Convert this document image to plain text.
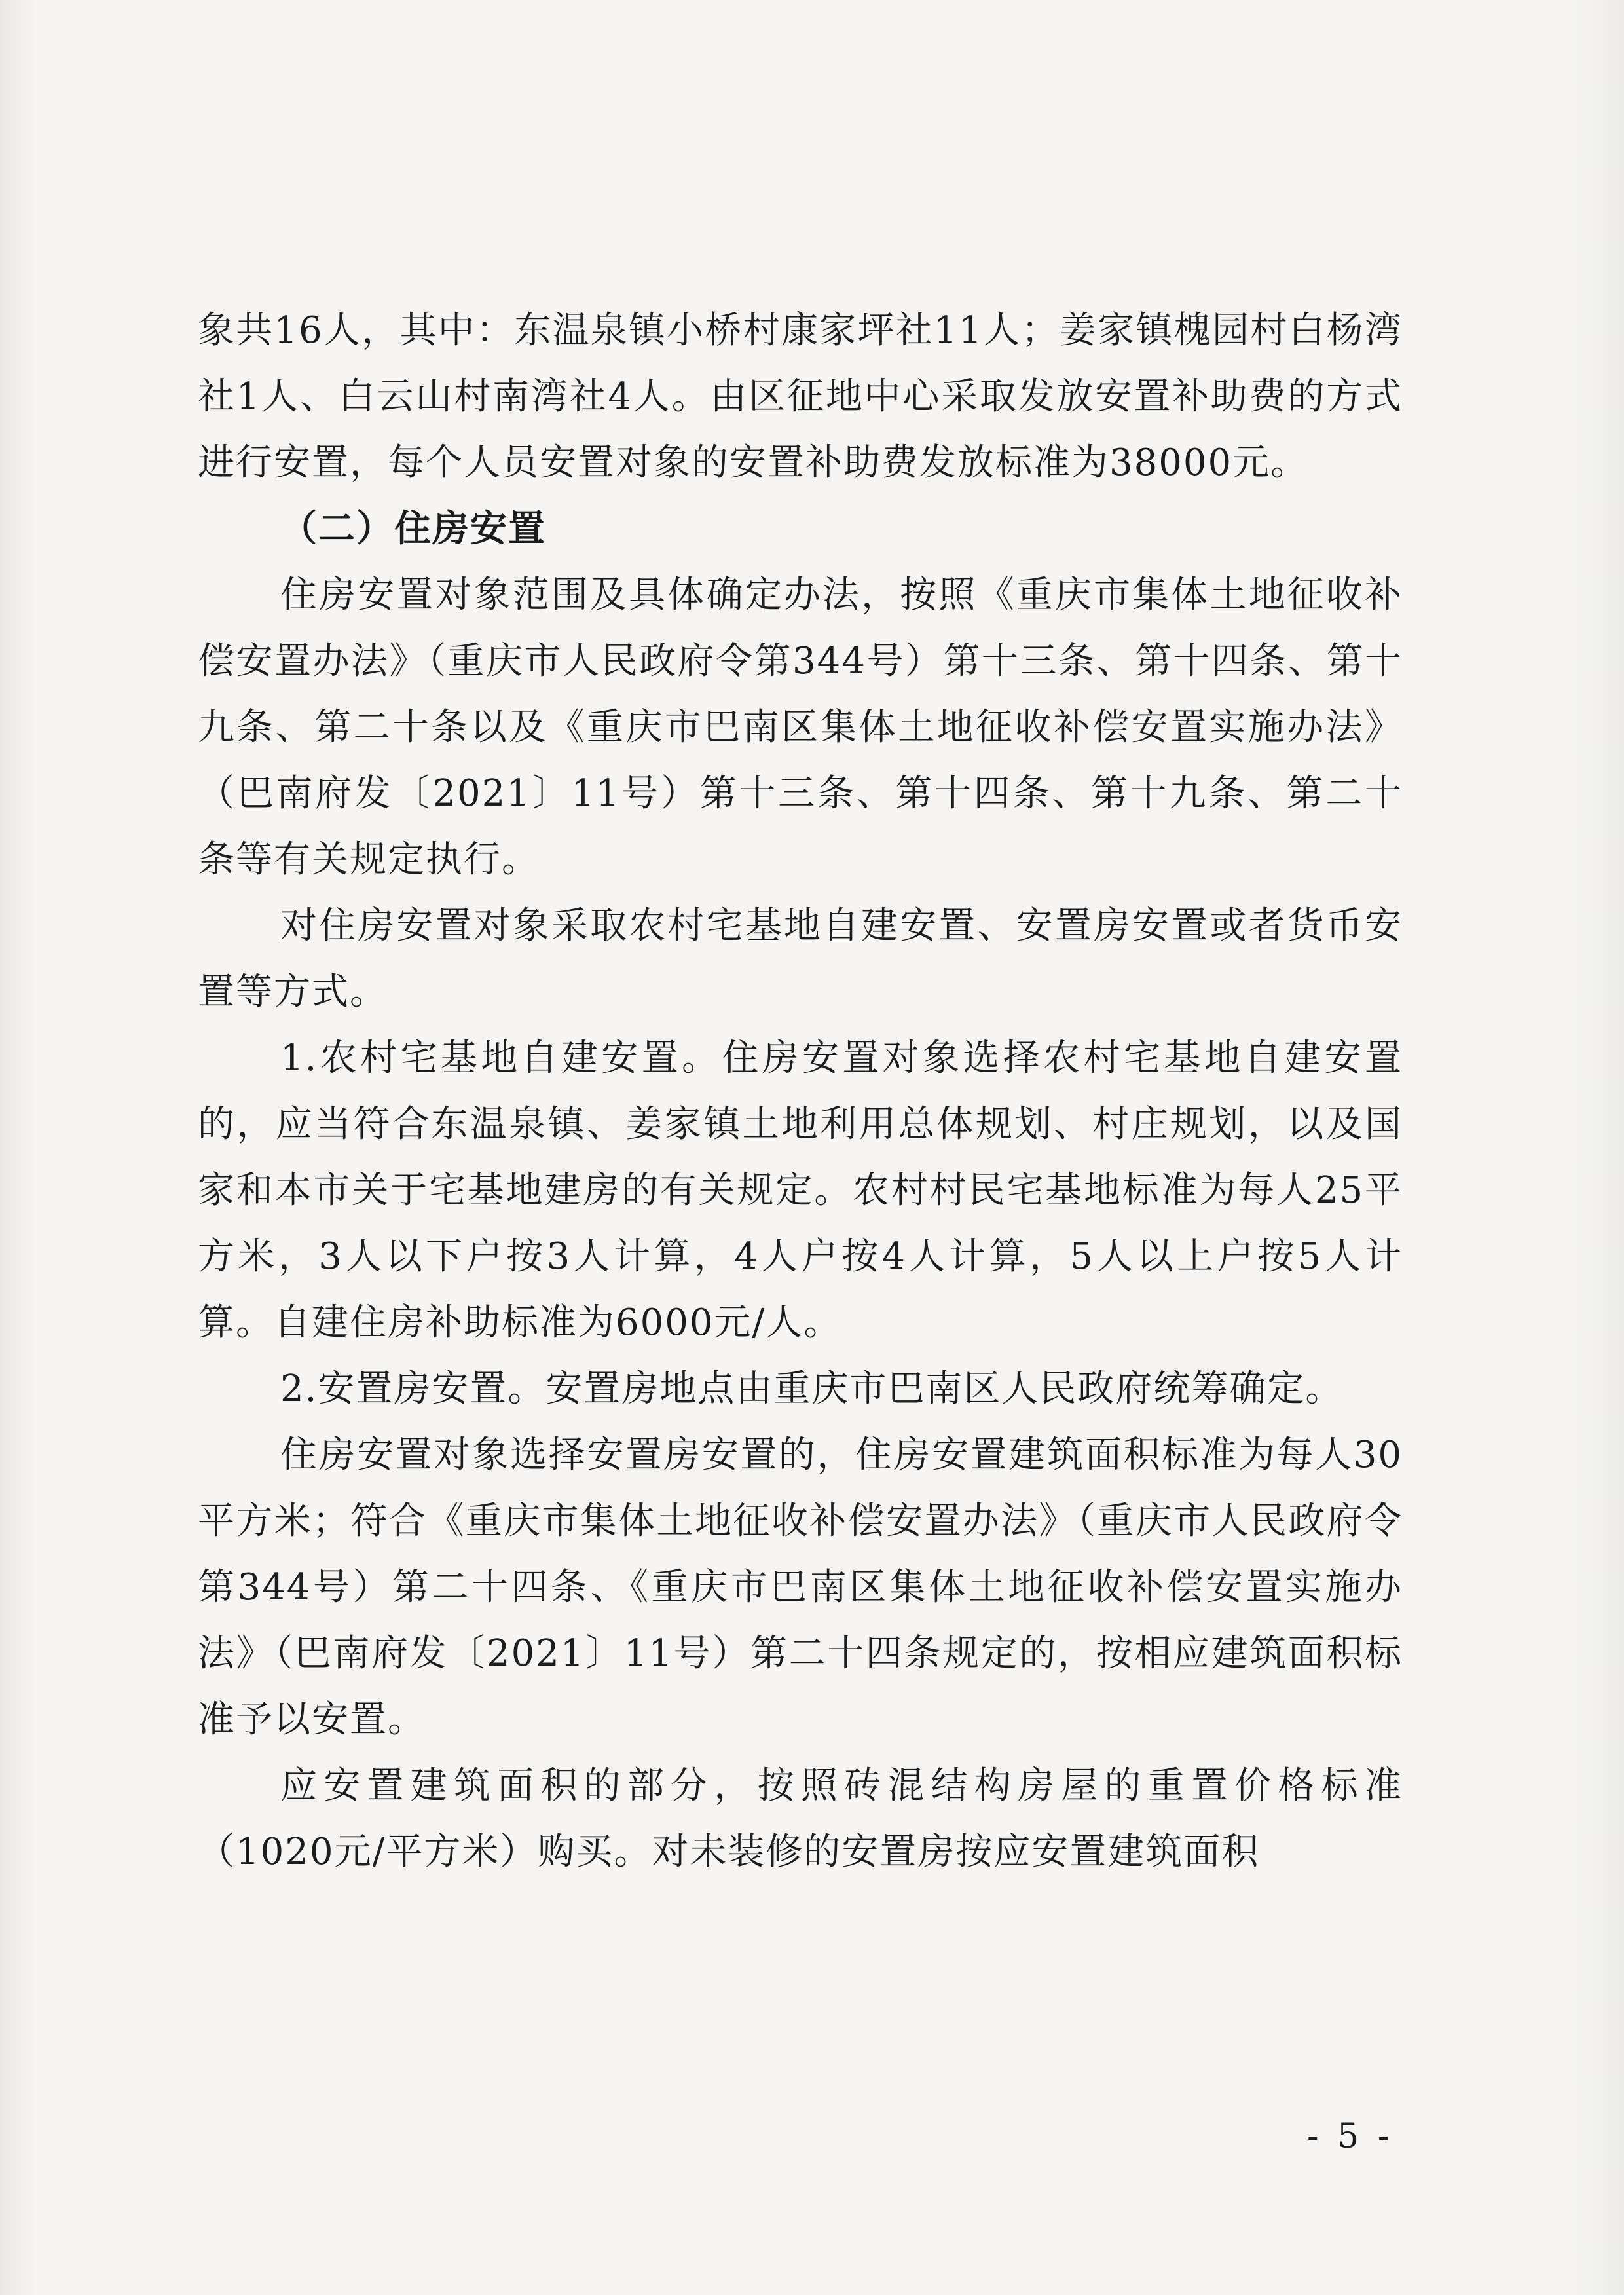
象共16人，其中：东温泉镇小桥村康家坪社11人；姜家镇槐园村白杨湾社1人、白云山村南湾社4人。由区征地中心采取发放安置补助费的方式进行安置，每个人员安置对象的安置补助费发放标准为38000元。

（二）住房安置

住房安置对象范围及具体确定办法，按照《重庆市集体土地征收补偿安置办法》（重庆市人民政府令第344号）第十三条、第十四条、第十九条、第二十条以及《重庆市巴南区集体土地征收补偿安置实施办法》（巴南府发〔2021〕11号）第十三条、第十四条、第十九条、第二十条等有关规定执行。

对住房安置对象采取农村宅基地自建安置、安置房安置或者货币安置等方式。

1.农村宅基地自建安置。住房安置对象选择农村宅基地自建安置的，应当符合东温泉镇、姜家镇土地利用总体规划、村庄规划，以及国家和本市关于宅基地建房的有关规定。农村村民宅基地标准为每人25平方米，3人以下户按3人计算，4人户按4人计算，5人以上户按5人计算。自建住房补助标准为6000元/人。

2.安置房安置。安置房地点由重庆市巴南区人民政府统筹确定。

住房安置对象选择安置房安置的，住房安置建筑面积标准为每人30平方米；符合《重庆市集体土地征收补偿安置办法》（重庆市人民政府令第344号）第二十四条、《重庆市巴南区集体土地征收补偿安置实施办法》（巴南府发〔2021〕11号）第二十四条规定的，按相应建筑面积标准予以安置。

应安置建筑面积的部分，按照砖混结构房屋的重置价格标准（1020元/平方米）购买。对未装修的安置房按应安置建筑面积

- 5 -
